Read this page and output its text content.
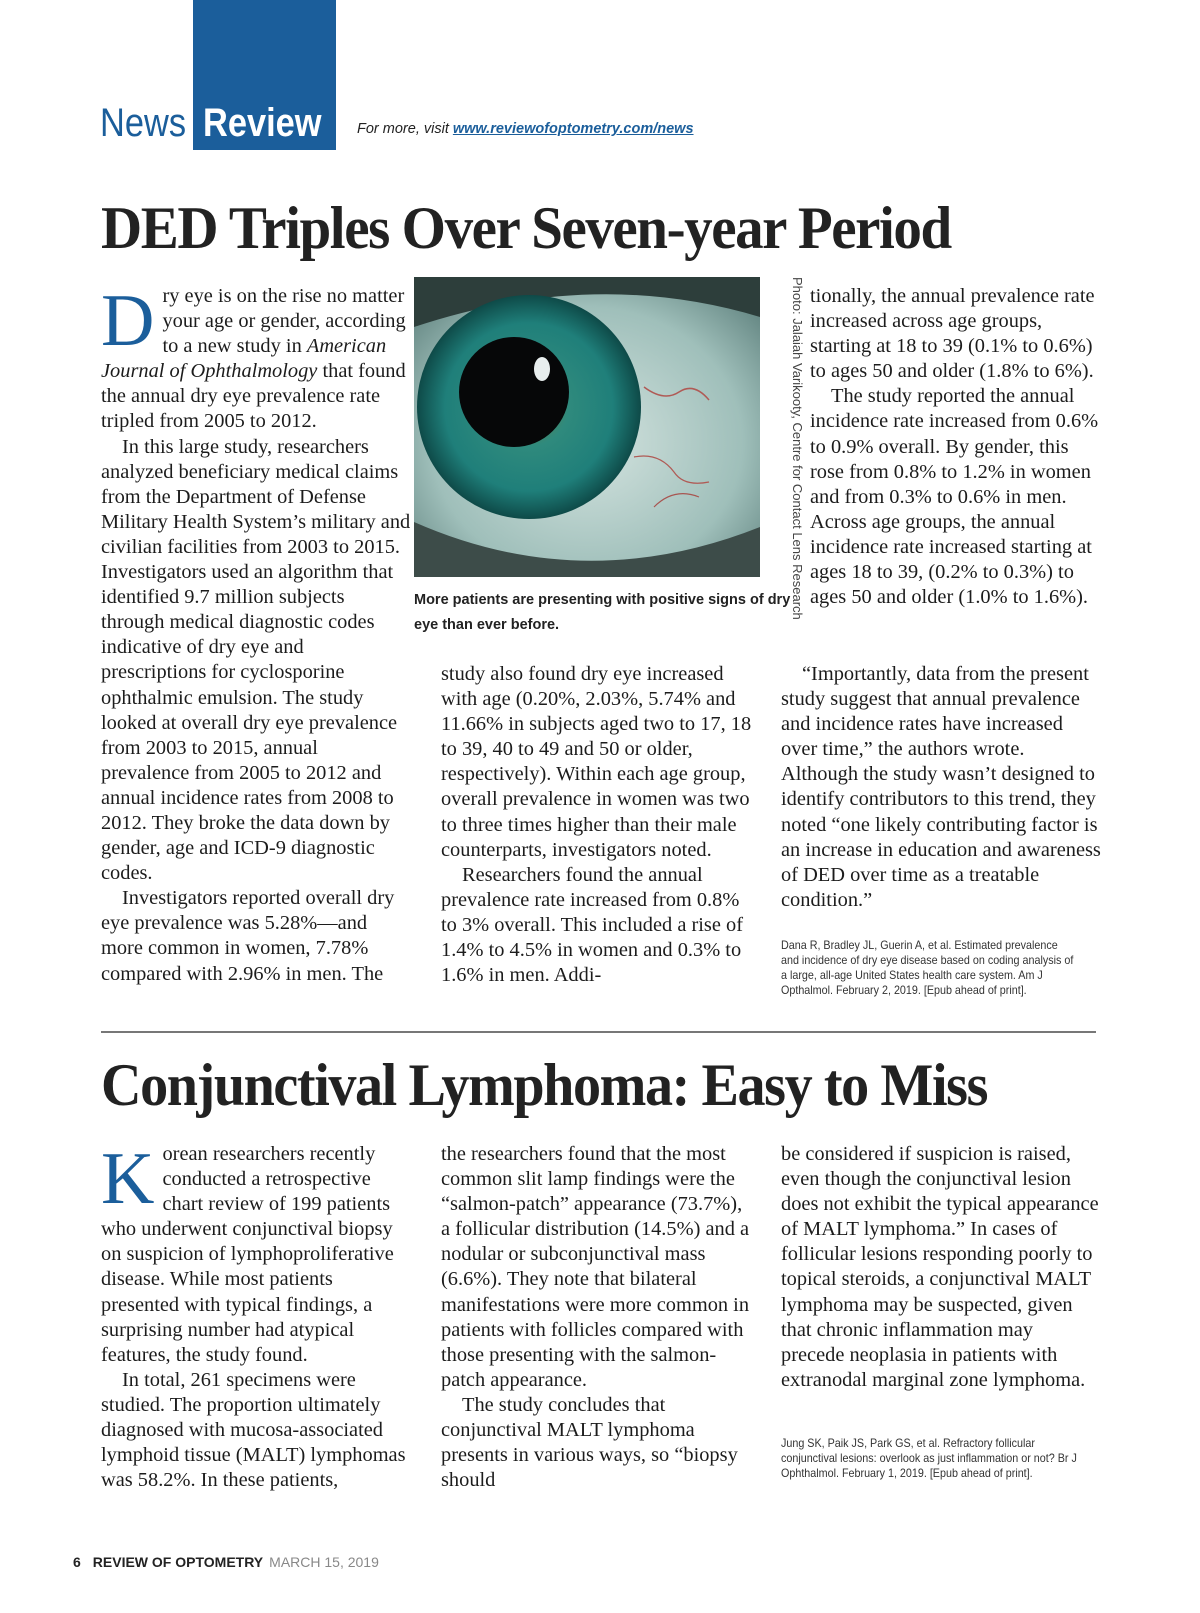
News Review For more, visit www.reviewofoptometry.com/news
DED Triples Over Seven-year Period

Dry eye is on the rise no matter your age or gender, according to a new study in American Journal of Ophthalmology that found the annual dry eye prevalence rate tripled from 2005 to 2012.

In this large study, researchers analyzed beneficiary medical claims from the Department of Defense Military Health System’s military and civilian facilities from 2003 to 2015. Investigators used an algorithm that identified 9.7 million subjects through medical diagnostic codes indicative of dry eye and prescriptions for cyclosporine ophthalmic emulsion. The study looked at overall dry eye prevalence from 2003 to 2015, annual prevalence from 2005 to 2012 and annual incidence rates from 2008 to 2012. They broke the data down by gender, age and ICD-9 diagnostic codes.

Investigators reported overall dry eye prevalence was 5.28%—and more common in women, 7.78% compared with 2.96% in men. The

Photo: Jalaiah Varikooty, Centre for Contact Lens Research
More patients are presenting with positive signs of dry eye than ever before.

study also found dry eye increased with age (0.20%, 2.03%, 5.74% and 11.66% in subjects aged two to 17, 18 to 39, 40 to 49 and 50 or older, respectively). Within each age group, overall prevalence in women was two to three times higher than their male counterparts, investigators noted.

Researchers found the annual prevalence rate increased from 0.8% to 3% overall. This included a rise of 1.4% to 4.5% in women and 0.3% to 1.6% in men. Addi-

tionally, the annual prevalence rate increased across age groups, starting at 18 to 39 (0.1% to 0.6%) to ages 50 and older (1.8% to 6%).

The study reported the annual incidence rate increased from 0.6% to 0.9% overall. By gender, this rose from 0.8% to 1.2% in women and from 0.3% to 0.6% in men. Across age groups, the annual incidence rate increased starting at ages 18 to 39, (0.2% to 0.3%) to ages 50 and older (1.0% to 1.6%).

“Importantly, data from the present study suggest that annual prevalence and incidence rates have increased over time,” the authors wrote. Although the study wasn’t designed to identify contributors to this trend, they noted “one likely contributing factor is an increase in education and awareness of DED over time as a treatable condition.”

Dana R, Bradley JL, Guerin A, et al. Estimated prevalence and incidence of dry eye disease based on coding analysis of a large, all-age United States health care system. Am J Opthalmol. February 2, 2019. [Epub ahead of print].
Conjunctival Lymphoma: Easy to Miss

Korean researchers recently conducted a retrospective chart review of 199 patients who underwent conjunctival biopsy on suspicion of lymphoproliferative disease. While most patients presented with typical findings, a surprising number had atypical features, the study found.

In total, 261 specimens were studied. The proportion ultimately diagnosed with mucosa-associated lymphoid tissue (MALT) lymphomas was 58.2%. In these patients,

the researchers found that the most common slit lamp findings were the “salmon-patch” appearance (73.7%), a follicular distribution (14.5%) and a nodular or subconjunctival mass (6.6%). They note that bilateral manifestations were more common in patients with follicles compared with those presenting with the salmon-patch appearance.

The study concludes that conjunctival MALT lymphoma presents in various ways, so “biopsy should

be considered if suspicion is raised, even though the conjunctival lesion does not exhibit the typical appearance of MALT lymphoma.” In cases of follicular lesions responding poorly to topical steroids, a conjunctival MALT lymphoma may be suspected, given that chronic inflammation may precede neoplasia in patients with extranodal marginal zone lymphoma.

Jung SK, Paik JS, Park GS, et al. Refractory follicular conjunctival lesions: overlook as just inflammation or not? Br J Ophthalmol. February 1, 2019. [Epub ahead of print].
6 REVIEW OF OPTOMETRY MARCH 15, 2019
